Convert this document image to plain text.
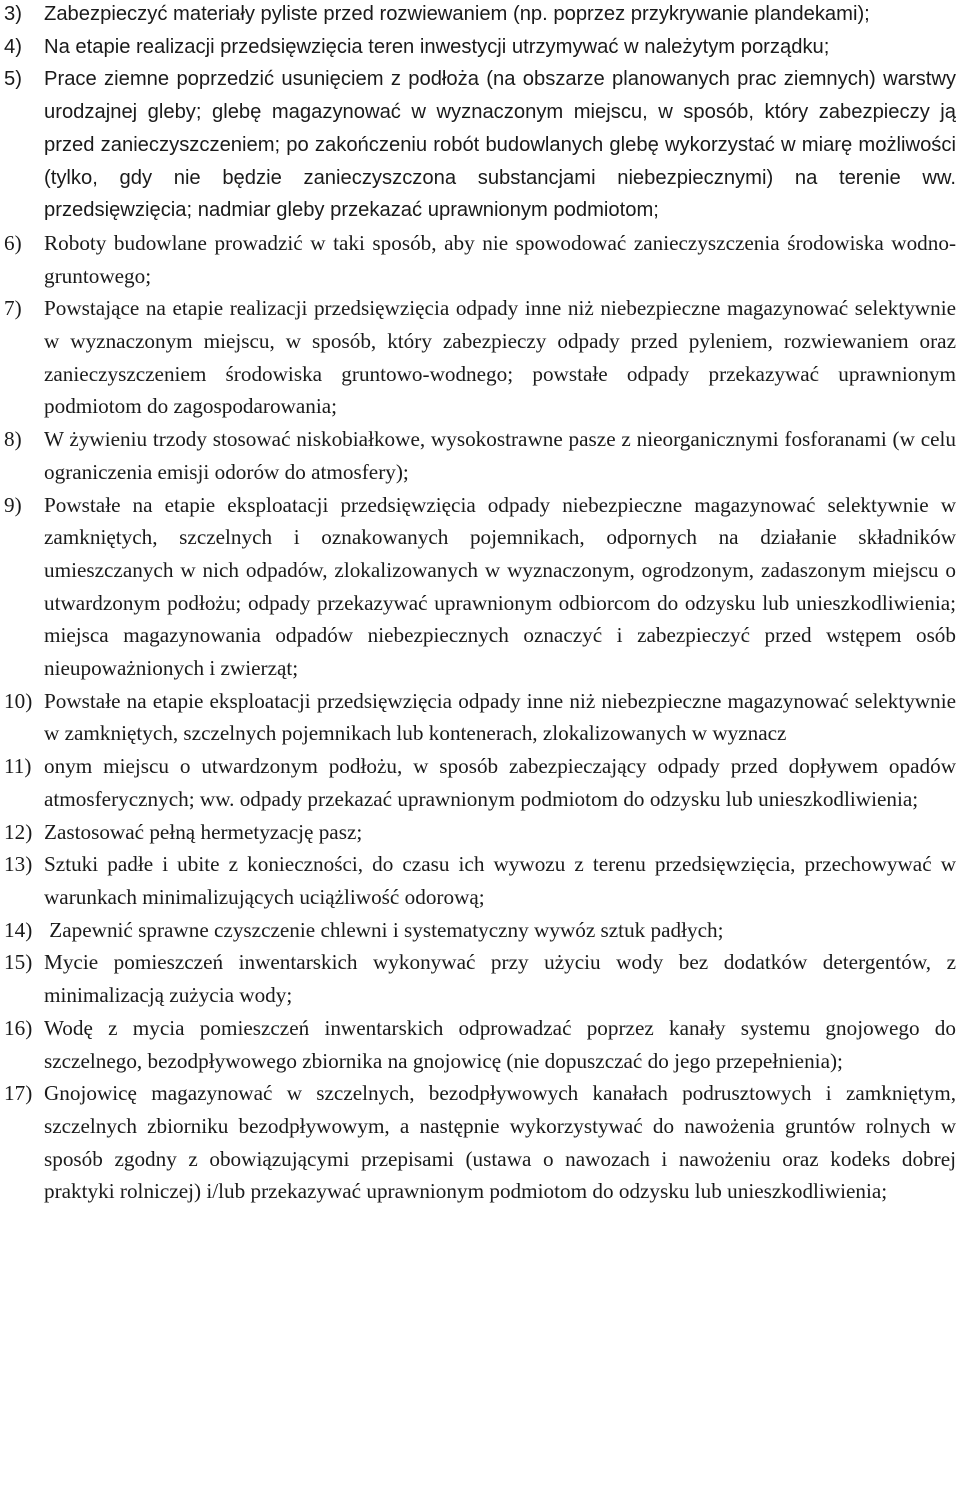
3)	Zabezpieczyć materiały pyliste przed rozwiewaniem (np. poprzez przykrywanie plandekami);
4)	Na etapie realizacji przedsięwzięcia teren inwestycji utrzymywać w należytym porządku;
5)	Prace ziemne poprzedzić usunięciem z podłoża (na obszarze planowanych prac ziemnych) warstwy urodzajnej gleby; glebę magazynować w wyznaczonym miejscu, w sposób, który zabezpieczy ją przed zanieczyszczeniem; po zakończeniu robót budowlanych glebę wykorzystać w miarę możliwości (tylko, gdy nie będzie zanieczyszczona substancjami niebezpiecznymi) na terenie ww. przedsięwzięcia; nadmiar gleby przekazać uprawnionym podmiotom;
6)	Roboty budowlane prowadzić w taki sposób, aby nie spowodować zanieczyszczenia środowiska wodno-gruntowego;
7)	Powstające na etapie realizacji przedsięwzięcia odpady inne niż niebezpieczne magazynować selektywnie w wyznaczonym miejscu, w sposób, który zabezpieczy odpady przed pyleniem, rozwiewaniem oraz zanieczyszczeniem środowiska gruntowo-wodnego; powstałe odpady przekazywać uprawnionym podmiotom do zagospodarowania;
8)	W żywieniu trzody stosować niskobiałkowe, wysokostrawne pasze z nieorganicznymi fosforanami (w celu ograniczenia emisji odorów do atmosfery);
9)	Powstałe na etapie eksploatacji przedsięwzięcia odpady niebezpieczne magazynować selektywnie w zamkniętych, szczelnych i oznakowanych pojemnikach, odpornych na działanie składników umieszczanych w nich odpadów, zlokalizowanych w wyznaczonym, ogrodzonym, zadaszonym miejscu o utwardzonym podłożu; odpady przekazywać uprawnionym odbiorcom do odzysku lub unieszkodliwienia; miejsca magazynowania odpadów niebezpiecznych oznaczyć i zabezpieczyć przed wstępem osób nieupoważnionych i zwierząt;
10) Powstałe na etapie eksploatacji przedsięwzięcia odpady inne niż niebezpieczne magazynować selektywnie w zamkniętych, szczelnych pojemnikach lub kontenerach, zlokalizowanych w wyznacz
11) onym miejscu o utwardzonym podłożu, w sposób zabezpieczający odpady przed dopływem opadów atmosferycznych; ww. odpady przekazać uprawnionym podmiotom do odzysku lub unieszkodliwienia;
12) Zastosować pełną hermetyzację pasz;
13) Sztuki padłe i ubite z konieczności, do czasu ich wywozu z terenu przedsięwzięcia, przechowywać w warunkach minimalizujących uciążliwość odorową;
14) Zapewnić sprawne czyszczenie chlewni i systematyczny wywóz sztuk padłych;
15) Mycie pomieszczeń inwentarskich wykonywać przy użyciu wody bez dodatków detergentów, z minimalizacją zużycia wody;
16) Wodę z mycia pomieszczeń inwentarskich odprowadzać poprzez kanały systemu gnojowego do szczelnego, bezodpływowego zbiornika na gnojowicę (nie dopuszczać do jego przepełnienia);
17) Gnojowicę magazynować w szczelnych, bezodpływowych kanałach podrusztowych i zamkniętym, szczelnych zbiorniku bezodpływowym, a następnie wykorzystywać do nawożenia gruntów rolnych w sposób zgodny z obowiązującymi przepisami (ustawa o nawozach i nawożeniu oraz kodeks dobrej praktyki rolniczej) i/lub przekazywać uprawnionym podmiotom do odzysku lub unieszkodliwienia;
